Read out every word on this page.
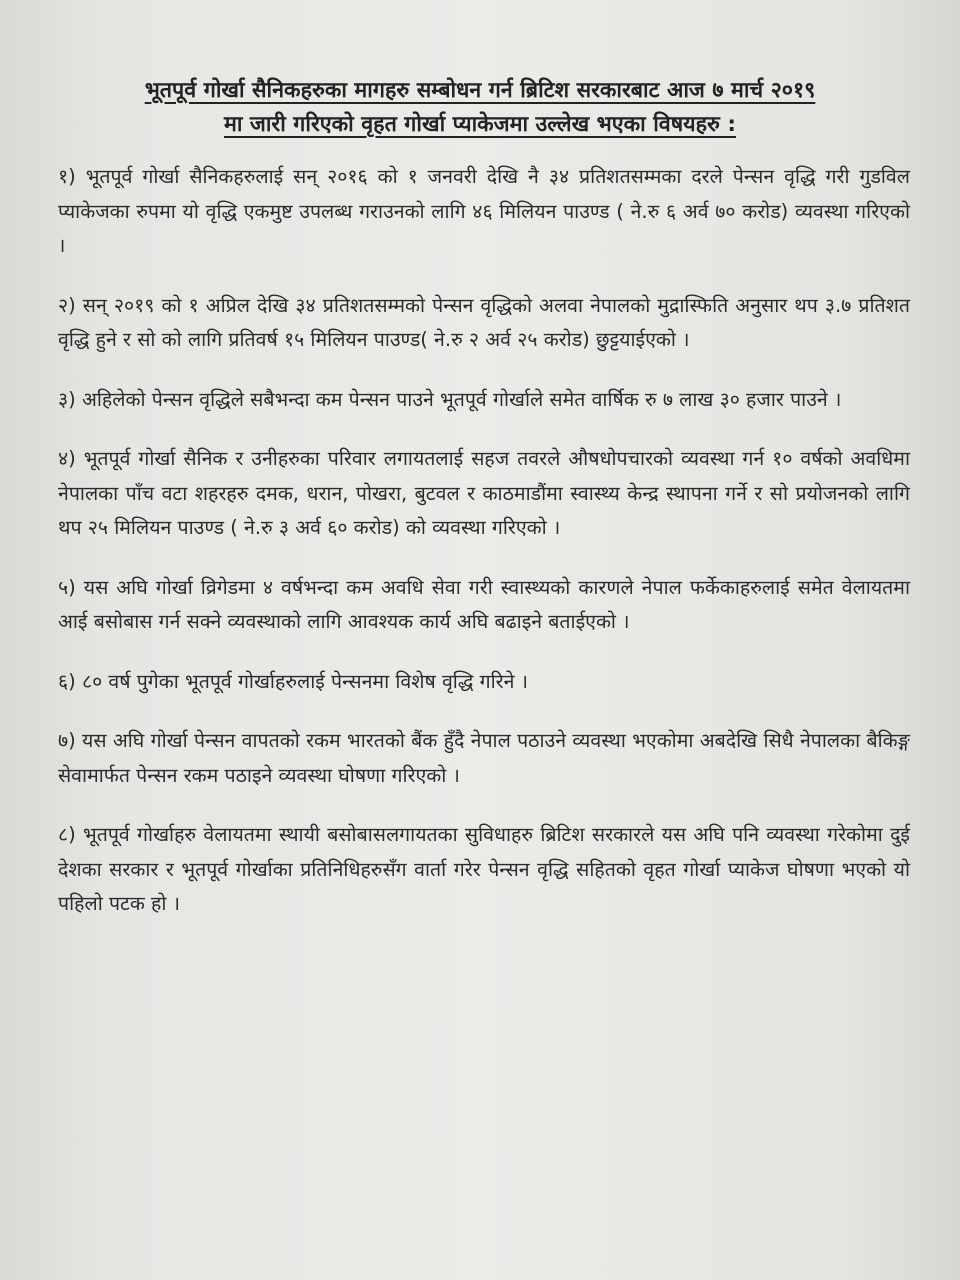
भूतपूर्व गोर्खा सैनिकहरुका मागहरु सम्बोधन गर्न ब्रिटिश सरकारबाट आज ७ मार्च २०१९
मा जारी गरिएको वृहत गोर्खा प्याकेजमा उल्लेख भएका विषयहरु :

१) भूतपूर्व गोर्खा सैनिकहरुलाई सन् २०१६ को १ जनवरी देखि नै ३४ प्रतिशतसम्मका दरले पेन्सन वृद्धि गरी गुडविल प्याकेजका रुपमा यो वृद्धि एकमुष्ट उपलब्ध गराउनको लागि ४६ मिलियन पाउण्ड ( ने.रु ६ अर्व ७० करोड) व्यवस्था गरिएको ।

२) सन् २०१९ को १ अप्रिल देखि ३४ प्रतिशतसम्मको पेन्सन वृद्धिको अलवा नेपालको मुद्रास्फिति अनुसार थप ३.७ प्रतिशत वृद्धि हुने र सो को लागि प्रतिवर्ष १५ मिलियन पाउण्ड( ने.रु २ अर्व २५ करोड) छुट्टयाईएको ।

३) अहिलेको पेन्सन वृद्धिले सबैभन्दा कम पेन्सन पाउने भूतपूर्व गोर्खाले समेत वार्षिक रु ७ लाख ३० हजार पाउने ।

४) भूतपूर्व गोर्खा सैनिक र उनीहरुका परिवार लगायतलाई सहज तवरले औषधोपचारको व्यवस्था गर्न १० वर्षको अवधिमा नेपालका पाँच वटा शहरहरु दमक, धरान, पोखरा, बुटवल र काठमाडौंमा स्वास्थ्य केन्द्र स्थापना गर्ने र सो प्रयोजनको लागि थप २५ मिलियन पाउण्ड ( ने.रु ३ अर्व ६० करोड) को व्यवस्था गरिएको ।

५) यस अघि गोर्खा व्रिगेडमा ४ वर्षभन्दा कम अवधि सेवा गरी स्वास्थ्यको कारणले नेपाल फर्केकाहरुलाई समेत वेलायतमा आई बसोबास गर्न सक्ने व्यवस्थाको लागि आवश्यक कार्य अघि बढाइने बताईएको ।

६) ८० वर्ष पुगेका भूतपूर्व गोर्खाहरुलाई पेन्सनमा विशेष वृद्धि गरिने ।

७) यस अघि गोर्खा पेन्सन वापतको रकम भारतको बैंक हुँदै नेपाल पठाउने व्यवस्था भएकोमा अबदेखि सिधै नेपालका बैकिङ्ग सेवामार्फत पेन्सन रकम पठाइने व्यवस्था घोषणा गरिएको ।

८) भूतपूर्व गोर्खाहरु वेलायतमा स्थायी बसोबासलगायतका सुविधाहरु ब्रिटिश सरकारले यस अघि पनि व्यवस्था गरेकोमा दुई देशका सरकार र भूतपूर्व गोर्खाका प्रतिनिधिहरुसँग वार्ता गरेर पेन्सन वृद्धि सहितको वृहत गोर्खा प्याकेज घोषणा भएको यो पहिलो पटक हो ।
